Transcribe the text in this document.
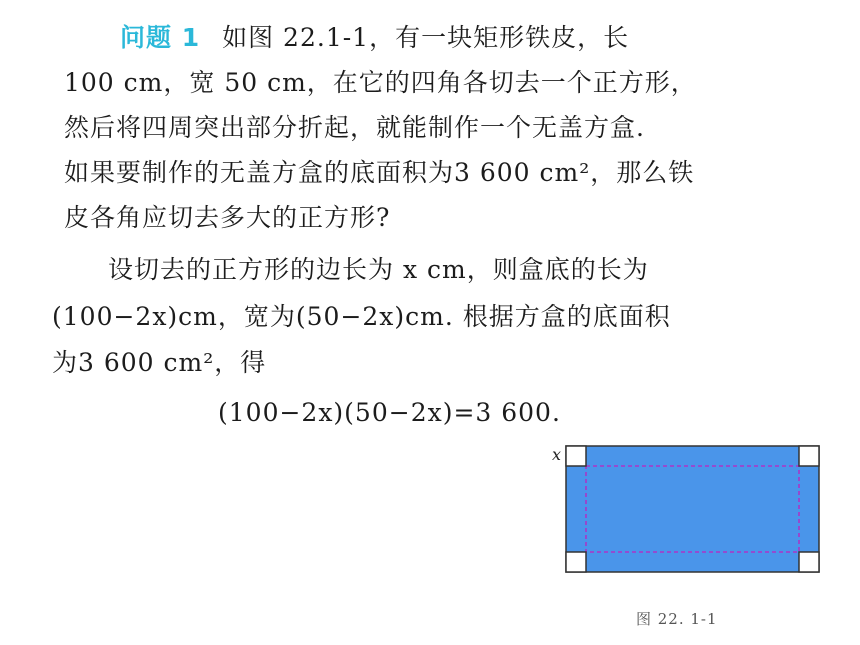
问题 1 如图 22.1-1，有一块矩形铁皮，长
100 cm，宽 50 cm，在它的四角各切去一个正方形，
然后将四周突出部分折起，就能制作一个无盖方盒.
如果要制作的无盖方盒的底面积为3 600 cm²，那么铁
皮各角应切去多大的正方形?
设切去的正方形的边长为 x cm，则盒底的长为
(100−2x)cm，宽为(50−2x)cm. 根据方盒的底面积
为3 600 cm²，得
(100−2x)(50−2x)=3 600.
x
图 22. 1-1
